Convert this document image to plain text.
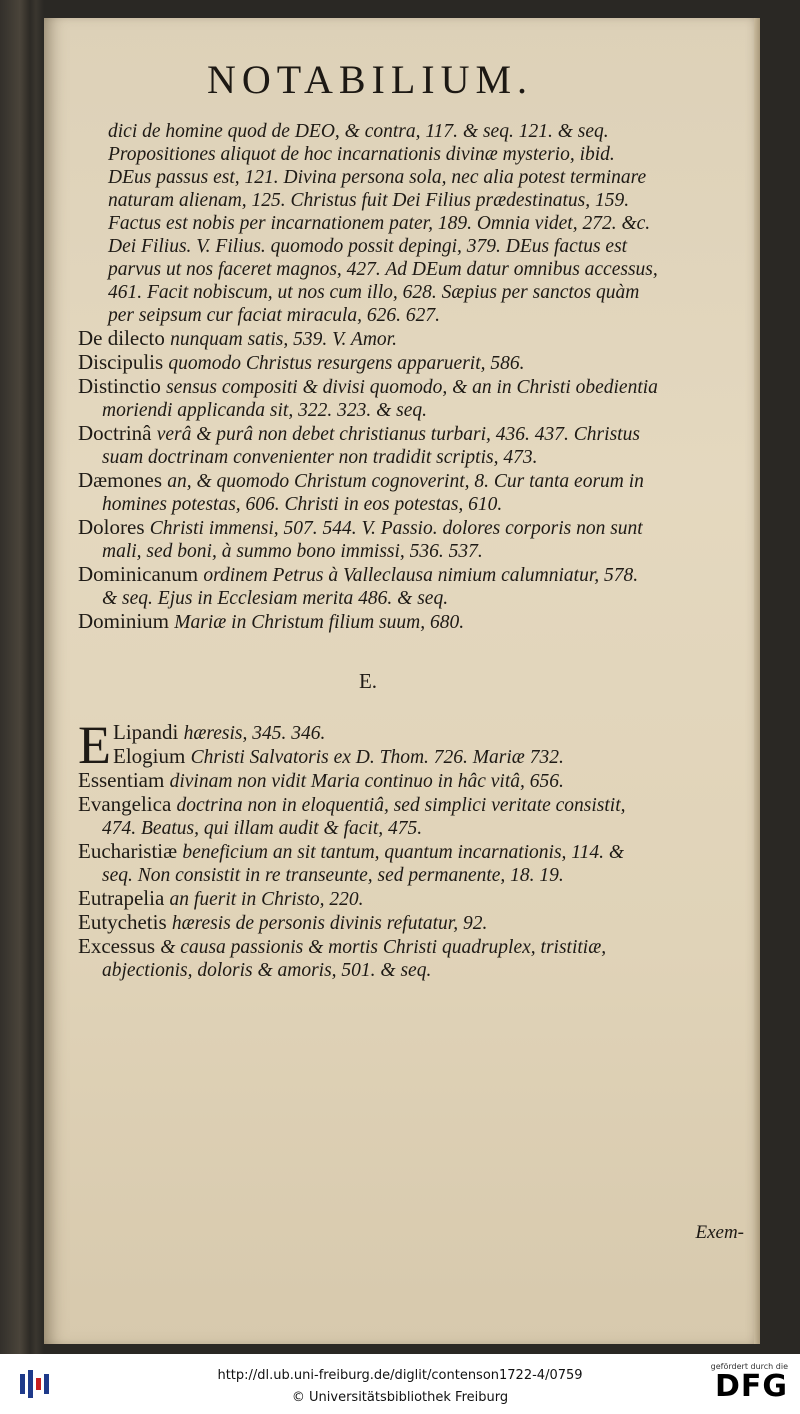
NOTABILIUM.

dici de homine quod de DEO, & contra, 117. & seq. 121. & seq. Propositiones aliquot de hoc incarnationis divinæ mysterio, ibid. DEus passus est, 121. Divina persona sola, nec alia potest terminare naturam alienam, 125. Christus fuit Dei Filius prædestinatus, 159. Factus est nobis per incarnationem pater, 189. Omnia videt, 272. &c. Dei Filius. V. Filius. quomodo possit depingi, 379. DEus factus est parvus ut nos faceret magnos, 427. Ad DEum datur omnibus accessus, 461. Facit nobiscum, ut nos cum illo, 628. Sæpius per sanctos quàm per seipsum cur faciat miracula, 626. 627.

De dilecto nunquam satis, 539. V. Amor.

Discipulis quomodo Christus resurgens apparuerit, 586.

Distinctio sensus compositi & divisi quomodo, & an in Christi obedientia moriendi applicanda sit, 322. 323. & seq.

Doctrinâ verâ & purâ non debet christianus turbari, 436. 437. Christus suam doctrinam convenienter non tradidit scriptis, 473.

Dæmones an, & quomodo Christum cognoverint, 8. Cur tanta eorum in homines potestas, 606. Christi in eos potestas, 610.

Dolores Christi immensi, 507. 544. V. Passio. dolores corporis non sunt mali, sed boni, à summo bono immissi, 536. 537.

Dominicanum ordinem Petrus à Valleclausa nimium calumniatur, 578. & seq. Ejus in Ecclesiam merita 486. & seq.

Dominium Mariæ in Christum filium suum, 680.

E.

E Lipandi hæresis, 345. 346.
Elogium Christi Salvatoris ex D. Thom. 726. Mariæ 732.

Essentiam divinam non vidit Maria continuo in hâc vitâ, 656.

Evangelica doctrina non in eloquentiâ, sed simplici veritate consistit, 474. Beatus, qui illam audit & facit, 475.

Eucharistiæ beneficium an sit tantum, quantum incarnationis, 114. & seq. Non consistit in re transeunte, sed permanente, 18. 19.

Eutrapelia an fuerit in Christo, 220.

Eutychetis hæresis de personis divinis refutatur, 92.

Excessus & causa passionis & mortis Christi quadruplex, tristitiæ, abjectionis, doloris & amoris, 501. & seq.

Exem-
http://dl.ub.uni-freiburg.de/diglit/contenson1722-4/0759
© Universitätsbibliothek Freiburg
gefördert durch die
DFG
